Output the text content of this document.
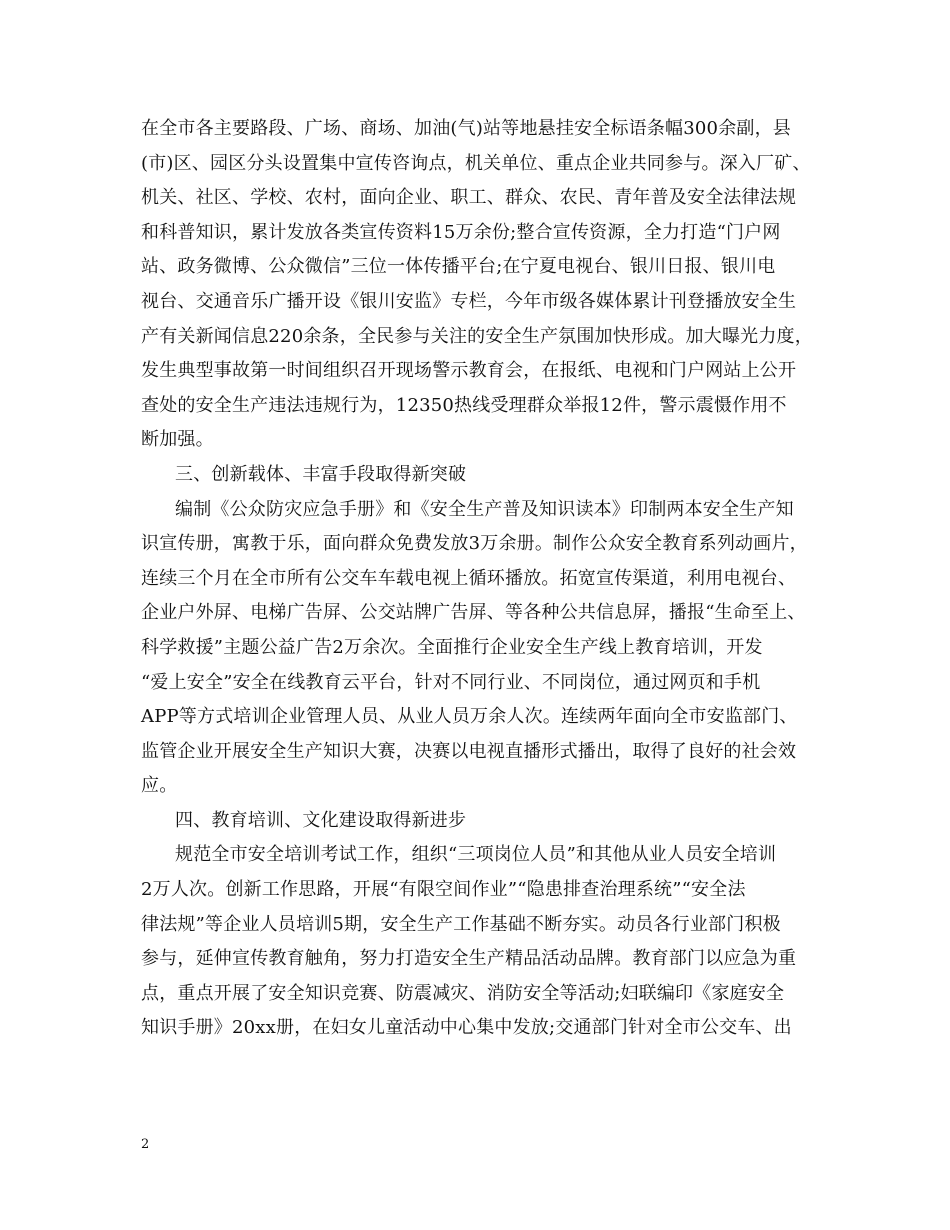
在全市各主要路段、广场、商场、加油(气)站等地悬挂安全标语条幅300余副，县
(市)区、园区分头设置集中宣传咨询点，机关单位、重点企业共同参与。深入厂矿、
机关、社区、学校、农村，面向企业、职工、群众、农民、青年普及安全法律法规
和科普知识，累计发放各类宣传资料15万余份;整合宣传资源，全力打造“门户网
站、政务微博、公众微信”三位一体传播平台;在宁夏电视台、银川日报、银川电
视台、交通音乐广播开设《银川安监》专栏，今年市级各媒体累计刊登播放安全生
产有关新闻信息220余条，全民参与关注的安全生产氛围加快形成。加大曝光力度，
发生典型事故第一时间组织召开现场警示教育会，在报纸、电视和门户网站上公开
查处的安全生产违法违规行为，12350热线受理群众举报12件，警示震慑作用不
断加强。
三、创新载体、丰富手段取得新突破
编制《公众防灾应急手册》和《安全生产普及知识读本》印制两本安全生产知
识宣传册，寓教于乐，面向群众免费发放3万余册。制作公众安全教育系列动画片，
连续三个月在全市所有公交车车载电视上循环播放。拓宽宣传渠道，利用电视台、
企业户外屏、电梯广告屏、公交站牌广告屏、等各种公共信息屏，播报“生命至上、
科学救援”主题公益广告2万余次。全面推行企业安全生产线上教育培训，开发
“爱上安全”安全在线教育云平台，针对不同行业、不同岗位，通过网页和手机
APP等方式培训企业管理人员、从业人员万余人次。连续两年面向全市安监部门、
监管企业开展安全生产知识大赛，决赛以电视直播形式播出，取得了良好的社会效
应。
四、教育培训、文化建设取得新进步
规范全市安全培训考试工作，组织“三项岗位人员”和其他从业人员安全培训
2万人次。创新工作思路，开展“有限空间作业”“隐患排查治理系统”“安全法
律法规”等企业人员培训5期，安全生产工作基础不断夯实。动员各行业部门积极
参与，延伸宣传教育触角，努力打造安全生产精品活动品牌。教育部门以应急为重
点，重点开展了安全知识竞赛、防震减灾、消防安全等活动;妇联编印《家庭安全
知识手册》20xx册，在妇女儿童活动中心集中发放;交通部门针对全市公交车、出
2
